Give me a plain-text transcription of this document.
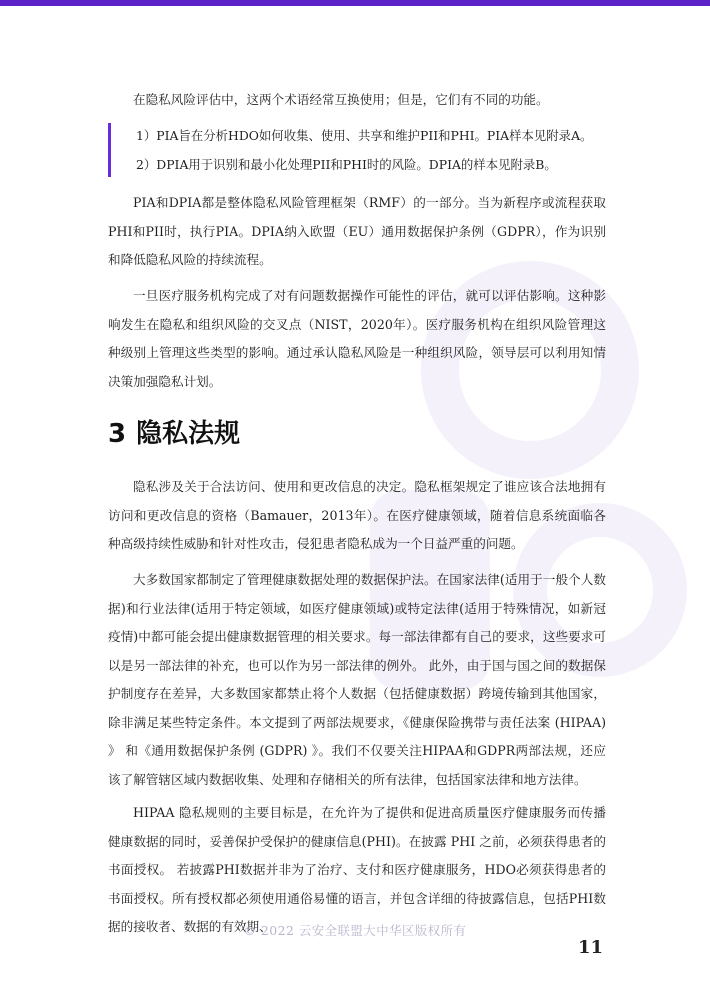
在隐私风险评估中，这两个术语经常互换使用；但是，它们有不同的功能。

1）PIA旨在分析HDO如何收集、使用、共享和维护PII和PHI。PIA样本见附录A。

2）DPIA用于识别和最小化处理PII和PHI时的风险。DPIA的样本见附录B。

PIA和DPIA都是整体隐私风险管理框架（RMF）的一部分。当为新程序或流程获取PHI和PII时，执行PIA。DPIA纳入欧盟（EU）通用数据保护条例（GDPR），作为识别和降低隐私风险的持续流程。

一旦医疗服务机构完成了对有问题数据操作可能性的评估，就可以评估影响。这种影响发生在隐私和组织风险的交叉点（NIST，2020年）。医疗服务机构在组织风险管理这种级别上管理这些类型的影响。通过承认隐私风险是一种组织风险，领导层可以利用知情决策加强隐私计划。

3 隐私法规

隐私涉及关于合法访问、使用和更改信息的决定。隐私框架规定了谁应该合法地拥有访问和更改信息的资格（Bamauer，2013年）。在医疗健康领域，随着信息系统面临各种高级持续性威胁和针对性攻击，侵犯患者隐私成为一个日益严重的问题。

大多数国家都制定了管理健康数据处理的数据保护法。在国家法律(适用于一般个人数据)和行业法律(适用于特定领域，如医疗健康领域)或特定法律(适用于特殊情况，如新冠疫情)中都可能会提出健康数据管理的相关要求。每一部法律都有自己的要求，这些要求可以是另一部法律的补充，也可以作为另一部法律的例外。 此外，由于国与国之间的数据保护制度存在差异，大多数国家都禁止将个人数据（包括健康数据）跨境传输到其他国家，除非满足某些特定条件。本文提到了两部法规要求，《健康保险携带与责任法案 (HIPAA) 》 和《通用数据保护条例 (GDPR) 》。我们不仅要关注HIPAA和GDPR两部法规，还应该了解管辖区域内数据收集、处理和存储相关的所有法律，包括国家法律和地方法律。

HIPAA 隐私规则的主要目标是，在允许为了提供和促进高质量医疗健康服务而传播健康数据的同时，妥善保护受保护的健康信息(PHI)。在披露 PHI 之前，必须获得患者的书面授权。 若披露PHI数据并非为了治疗、支付和医疗健康服务，HDO必须获得患者的书面授权。所有授权都必须使用通俗易懂的语言，并包含详细的待披露信息，包括PHI数据的接收者、数据的有效期、

© 2022 云安全联盟大中华区版权所有
11
